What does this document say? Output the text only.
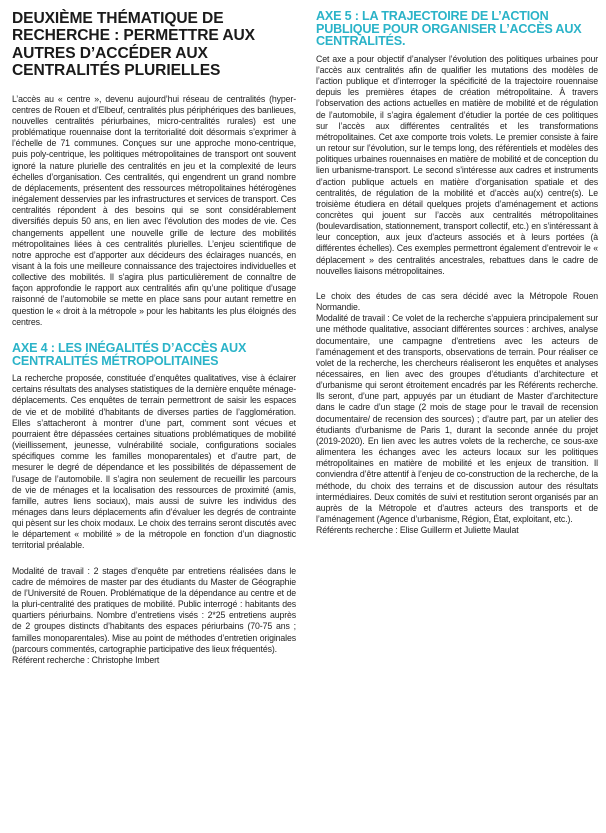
DEUXIÈME THÉMATIQUE DE RECHERCHE : PERMETTRE AUX AUTRES D’ACCÉDER AUX CENTRALITÉS PLURIELLES

L’accès au « centre », devenu aujourd’hui réseau de centralités (hyper-centres de Rouen et d’Elbeuf, centralités plus périphériques des banlieues, nouvelles centralités périurbaines, micro-centralités rurales) est une problématique rouennaise dont la territorialité doit désormais s’exprimer à l’échelle de 71 communes. Conçues sur une approche mono-centrique, puis poly-centrique, les politiques métropolitaines de transport ont souvent ignoré la nature plurielle des centralités en jeu et la complexité de leurs échelles d’organisation. Ces centralités, qui engendrent un grand nombre de déplacements, présentent des ressources métropolitaines hétérogènes inégalement desservies par les infrastructures et services de transport. Ces centralités répondent à des besoins qui se sont considérablement diversifiés depuis 50 ans, en lien avec l’évolution des modes de vie. Ces changements appellent une nouvelle grille de lecture des mobilités métropolitaines liées à ces centralités plurielles. L’enjeu scientifique de notre approche est d’apporter aux décideurs des éclairages nuancés, en visant à la fois une meilleure connaissance des trajectoires individuelles et collective des mobilités. Il s’agira plus particulièrement de connaître de façon approfondie le rapport aux centralités afin qu’une politique d’usage raisonné de l’automobile se mette en place sans pour autant remettre en question le « droit à la métropole » pour les habitants les plus éloignés des centres.

AXE 4 : LES INÉGALITÉS D’ACCÈS AUX CENTRALITÉS MÉTROPOLITAINES

La recherche proposée, constituée d’enquêtes qualitatives, vise à éclairer certains résultats des analyses statistiques de la dernière enquête ménage-déplacements. Ces enquêtes de terrain permettront de saisir les espaces de vie et de mobilité d’habitants de diverses parties de l’agglomération. Elles s’attacheront à montrer d’une part, comment sont vécues et pourraient être dépassées certaines situations problématiques de mobilité (vieillissement, jeunesse, vulnérabilité sociale, configurations sociales spécifiques comme les familles monoparentales) et d’autre part, de mesurer le degré de dépendance et les possibilités de dépassement de l’usage de l’automobile. Il s’agira non seulement de recueillir les parcours de vie de ménages et la localisation des ressources de proximité (amis, famille, autres liens sociaux), mais aussi de suivre les individus des ménages dans leurs déplacements afin d’évaluer les degrés de contrainte qui pèsent sur les choix modaux. Le choix des terrains seront discutés avec le département « mobilité » de la métropole en fonction d’un diagnostic territorial préalable.

Modalité de travail : 2 stages d’enquête par entretiens réalisées dans le cadre de mémoires de master par des étudiants du Master de Géographie de l’Université de Rouen. Problématique de la dépendance au centre et de la pluri-centralité des pratiques de mobilité. Public interrogé : habitants des quartiers périurbains. Nombre d’entretiens visés : 2*25 entretiens auprès de 2 groupes distincts d’habitants des espaces périurbains (70-75 ans ; familles monoparentales). Mise au point de méthodes d’entretien originales (parcours commentés, cartographie participative des lieux fréquentés).

Référent recherche : Christophe Imbert

AXE 5 : LA TRAJECTOIRE DE L’ACTION PUBLIQUE POUR ORGANISER L’ACCÈS AUX CENTRALITÉS.

Cet axe a pour objectif d’analyser l’évolution des politiques urbaines pour l’accès aux centralités afin de qualifier les mutations des modèles de l’action publique et d’interroger la spécificité de la trajectoire rouennaise depuis les premières étapes de création métropolitaine. À travers l’observation des actions actuelles en matière de mobilité et de régulation de l’automobile, il s’agira également d’étudier la portée de ces politiques sur l’accès aux différentes centralités et les transformations métropolitaines. Cet axe comporte trois volets. Le premier consiste à faire un retour sur l’évolution, sur le temps long, des référentiels et modèles des politiques urbaines rouennaises en matière de mobilité et de conception du lien urbanisme-transport. Le second s’intéresse aux cadres et instruments d’action publique actuels en matière d’organisation spatiale et des centralités, de régulation de la mobilité et d’accès au(x) centre(s). Le troisième étudiera en détail quelques projets d’aménagement et actions concrètes qui jouent sur l’accès aux centralités métropolitaines (boulevardisation, stationnement, transport collectif, etc.) en s’intéressant à leur conception, aux jeux d’acteurs associés et à leurs portées (à différentes échelles). Ces exemples permettront également d’entrevoir le « déplacement » des centralités ancestrales, rebattues dans le cadre de nouvelles liaisons métropolitaines.

Le choix des études de cas sera décidé avec la Métropole Rouen Normandie.

Modalité de travail : Ce volet de la recherche s’appuiera principalement sur une méthode qualitative, associant différentes sources : archives, analyse documentaire, une campagne d’entretiens avec les acteurs de l’aménagement et des transports, observations de terrain. Pour réaliser ce volet de la recherche, les chercheurs réaliseront les enquêtes et analyses nécessaires, en lien avec des groupes d’étudiants d’architecture et d’urbanisme qui seront étroitement encadrés par les Référents recherche. Ils seront, d’une part, appuyés par un étudiant de Master d’architecture dans le cadre d’un stage (2 mois de stage pour le travail de recension documentaire/ de recension des sources) ; d’autre part, par un atelier des étudiants d’urbanisme de Paris 1, durant la seconde année du projet (2019-2020). En lien avec les autres volets de la recherche, ce sous-axe alimentera les échanges avec les acteurs locaux sur les politiques métropolitaines en matière de mobilité et les enjeux de transition. Il conviendra d’être attentif à l’enjeu de co-construction de la recherche, de la méthode, du choix des terrains et de discussion autour des résultats intermédiaires. Deux comités de suivi et restitution seront organisés par an auprès de la Métropole et d’autres acteurs des transports et de l’aménagement (Agence d’urbanisme, Région, État, exploitant, etc.).

Référents recherche : Elise Guillerm et Juliette Maulat
